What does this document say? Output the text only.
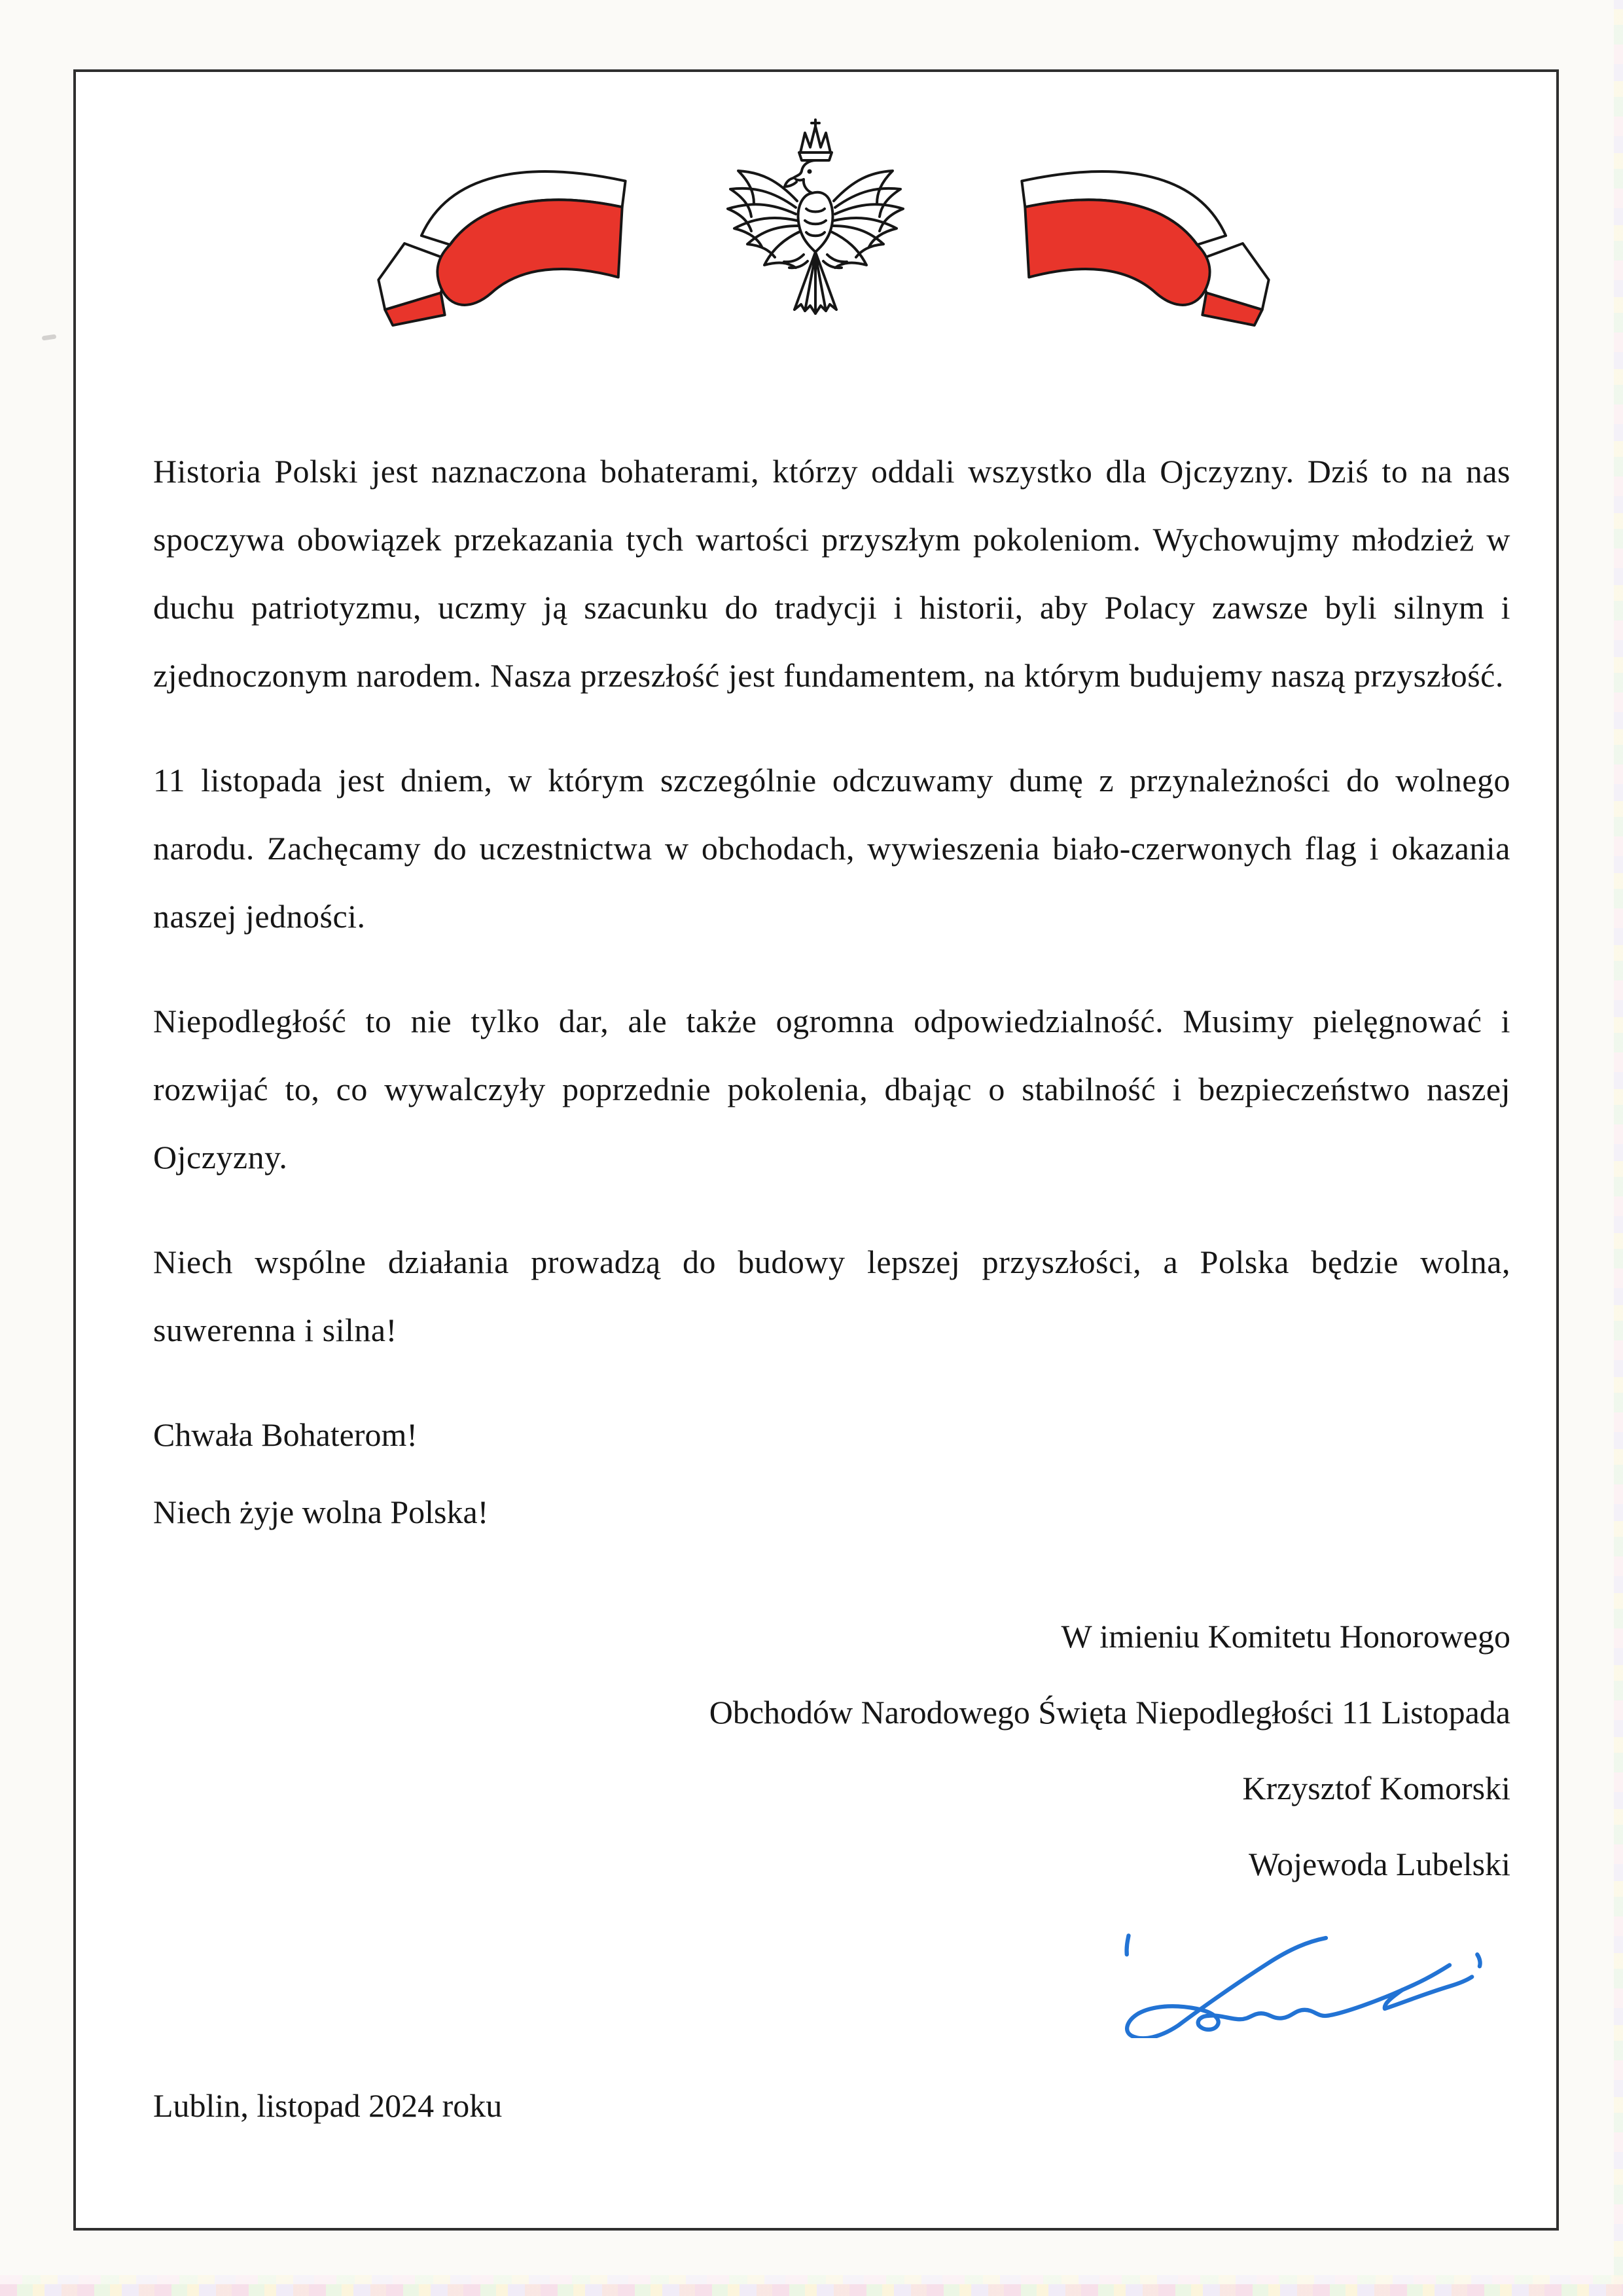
Historia Polski jest naznaczona bohaterami, którzy oddali wszystko dla Ojczyzny. Dziś to na nas spoczywa obowiązek przekazania tych wartości przyszłym pokoleniom. Wychowujmy młodzież w duchu patriotyzmu, uczmy ją szacunku do tradycji i historii, aby Polacy zawsze byli silnym i zjednoczonym narodem. Nasza przeszłość jest fundamentem, na którym budujemy naszą przyszłość.

11 listopada jest dniem, w którym szczególnie odczuwamy dumę z przynależności do wolnego narodu. Zachęcamy do uczestnictwa w obchodach, wywieszenia biało-czerwonych flag i okazania naszej jedności.

Niepodległość to nie tylko dar, ale także ogromna odpowiedzialność. Musimy pielęgnować i rozwijać to, co wywalczyły poprzednie pokolenia, dbając o stabilność i bezpieczeństwo naszej Ojczyzny.

Niech wspólne działania prowadzą do budowy lepszej przyszłości, a Polska będzie wolna, suwerenna i silna!

Chwała Bohaterom!

Niech żyje wolna Polska!

W imieniu Komitetu Honorowego
Obchodów Narodowego Święta Niepodległości 11 Listopada
Krzysztof Komorski
Wojewoda Lubelski
Lublin, listopad 2024 roku
